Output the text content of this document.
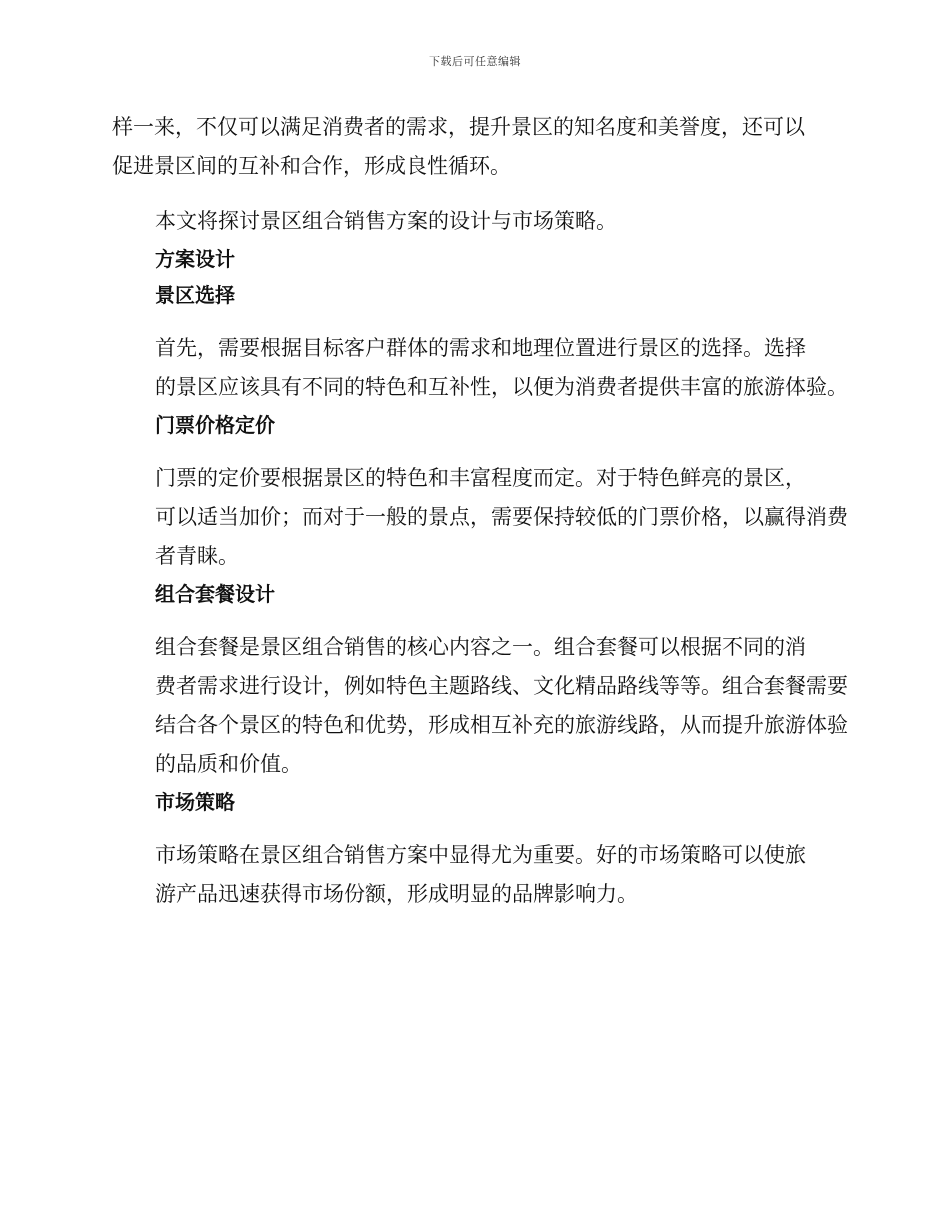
下载后可任意编辑

样一来，不仅可以满足消费者的需求，提升景区的知名度和美誉度，还可以
促进景区间的互补和合作，形成良性循环。

本文将探讨景区组合销售方案的设计与市场策略。

方案设计

景区选择

首先，需要根据目标客户群体的需求和地理位置进行景区的选择。选择
的景区应该具有不同的特色和互补性，以便为消费者提供丰富的旅游体验。

门票价格定价

门票的定价要根据景区的特色和丰富程度而定。对于特色鲜亮的景区，
可以适当加价；而对于一般的景点，需要保持较低的门票价格，以赢得消费
者青睐。

组合套餐设计

组合套餐是景区组合销售的核心内容之一。组合套餐可以根据不同的消
费者需求进行设计，例如特色主题路线、文化精品路线等等。组合套餐需要
结合各个景区的特色和优势，形成相互补充的旅游线路，从而提升旅游体验
的品质和价值。

市场策略

市场策略在景区组合销售方案中显得尤为重要。好的市场策略可以使旅
游产品迅速获得市场份额，形成明显的品牌影响力。
